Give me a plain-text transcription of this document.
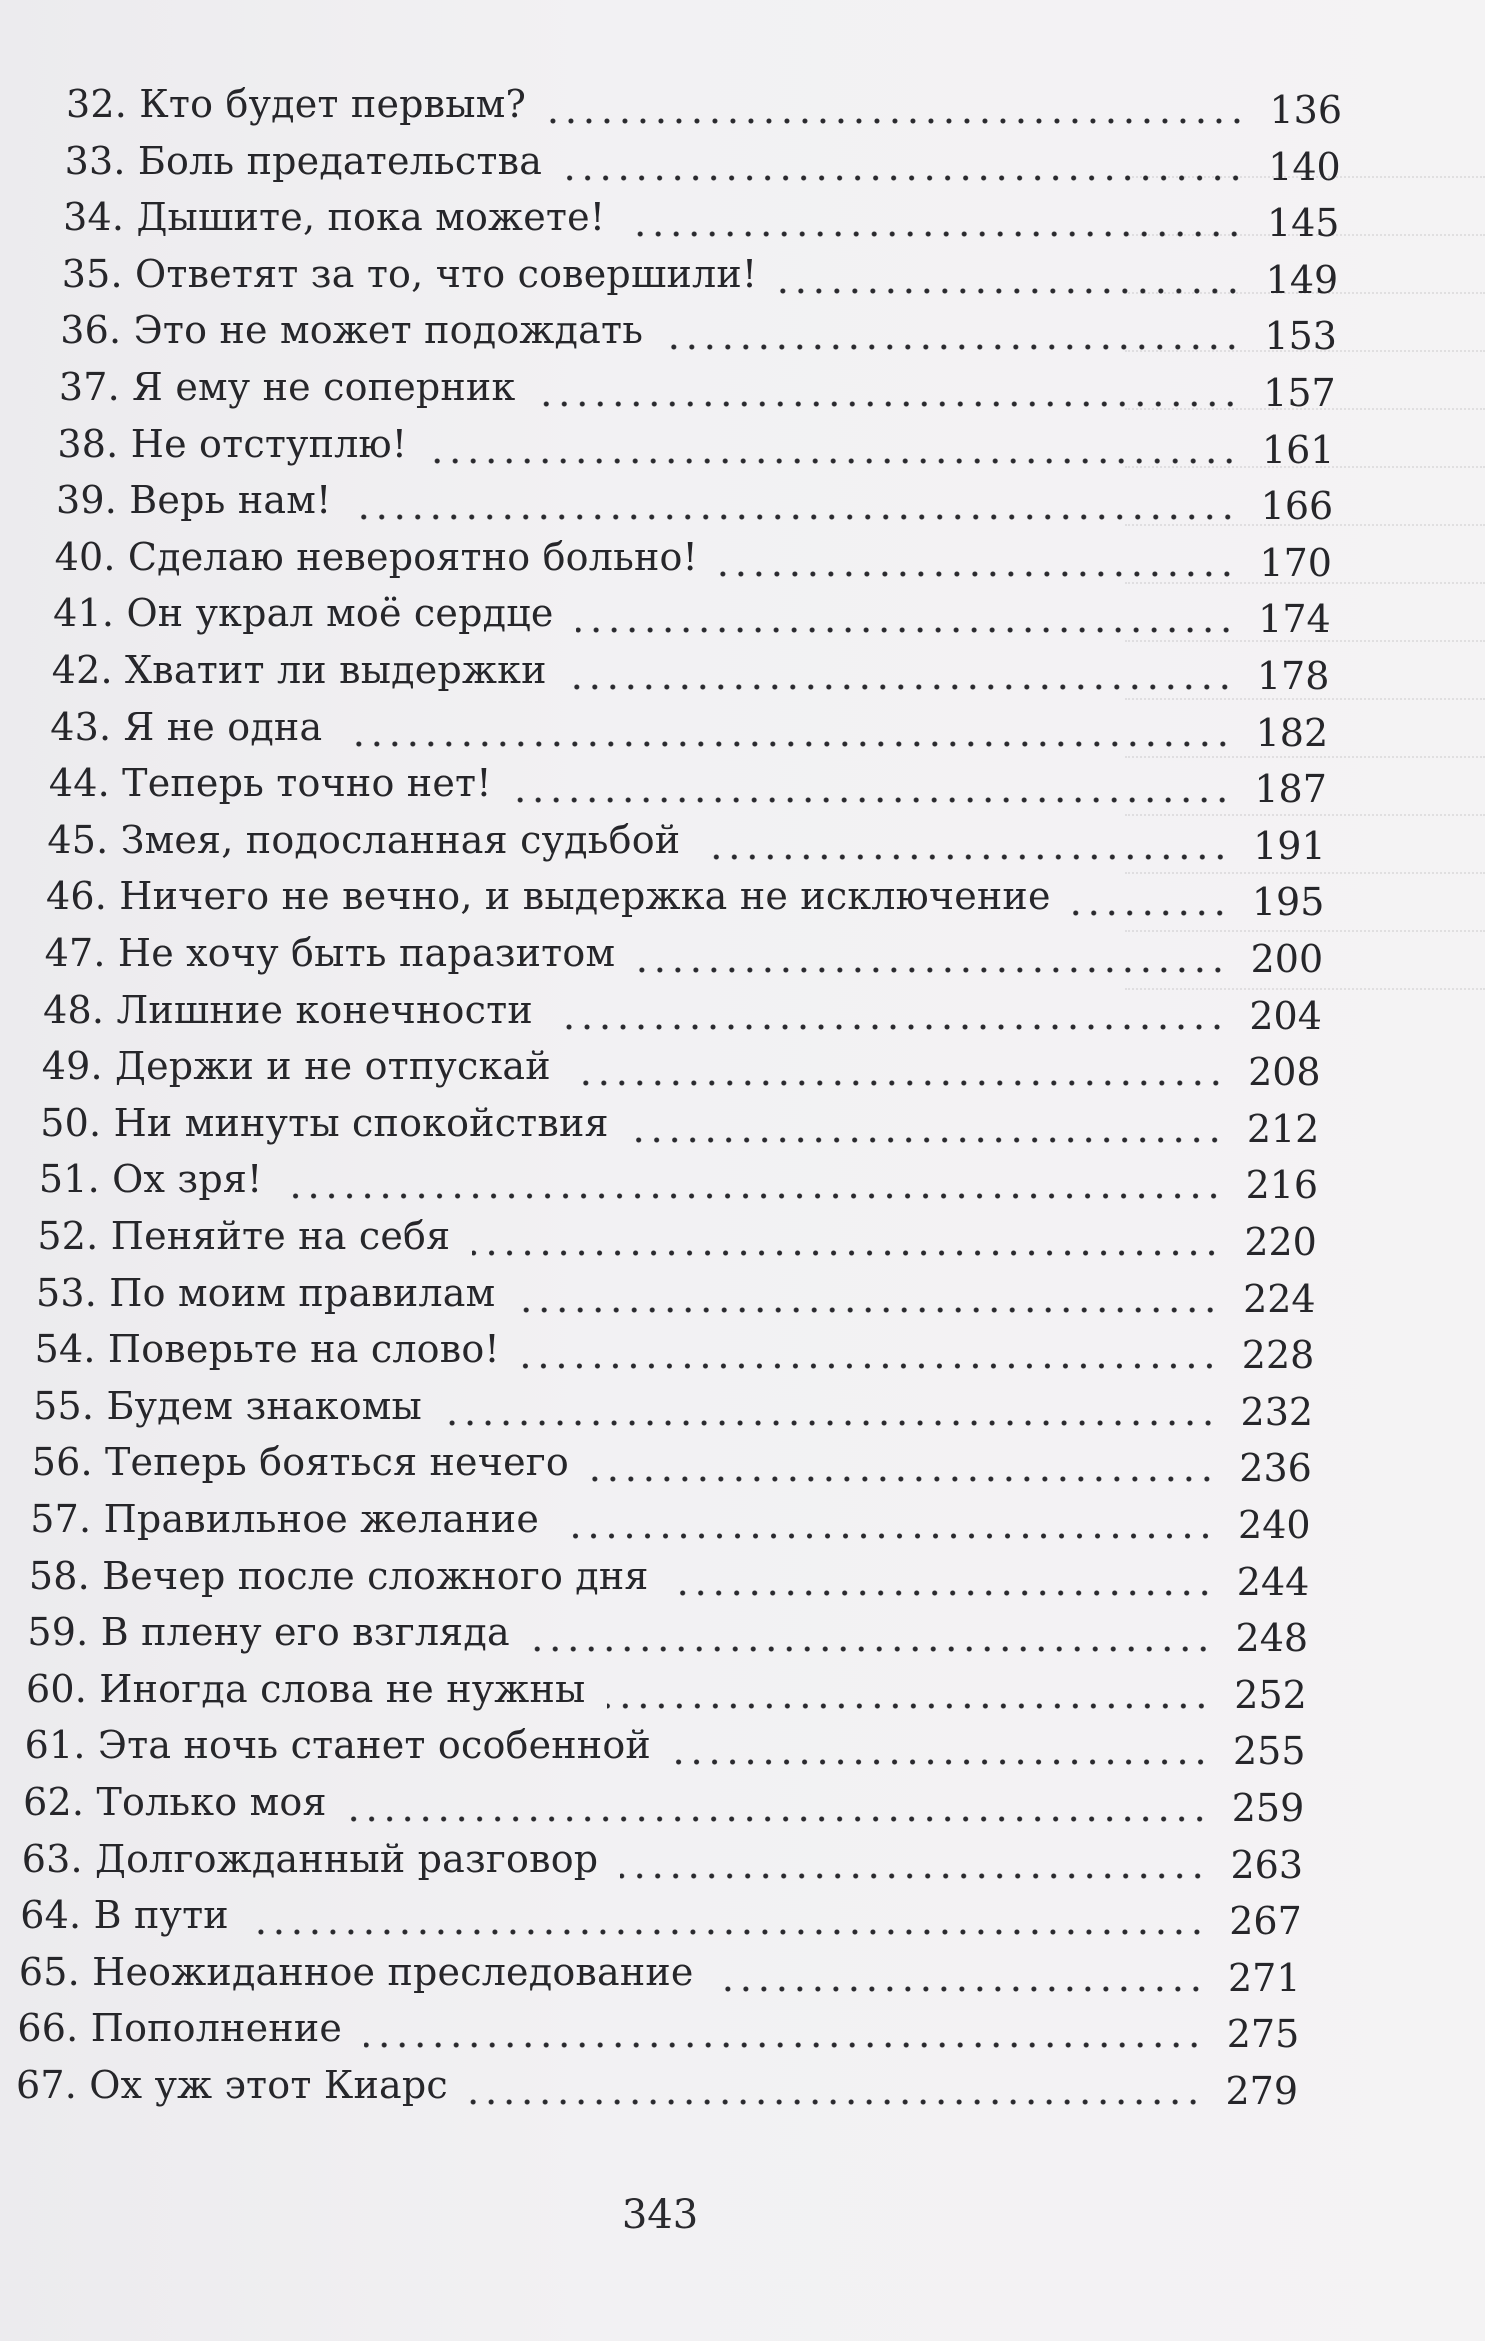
32. Кто будет первым?	136
33. Боль предательства	140
34. Дышите, пока можете!	145
35. Ответят за то, что совершили!	149
36. Это не может подождать	153
37. Я ему не соперник	157
38. Не отступлю!	161
39. Верь нам!	166
40. Сделаю невероятно больно!	170
41. Он украл моё сердце	174
42. Хватит ли выдержки	178
43. Я не одна	182
44. Теперь точно нет!	187
45. Змея, подосланная судьбой	191
46. Ничего не вечно, и выдержка не исключение	195
47. Не хочу быть паразитом	200
48. Лишние конечности	204
49. Держи и не отпускай	208
50. Ни минуты спокойствия	212
51. Ох зря!	216
52. Пеняйте на себя	220
53. По моим правилам	224
54. Поверьте на слово!	228
55. Будем знакомы	232
56. Теперь бояться нечего	236
57. Правильное желание	240
58. Вечер после сложного дня	244
59. В плену его взгляда	248
60. Иногда слова не нужны	252
61. Эта ночь станет особенной	255
62. Только моя	259
63. Долгожданный разговор	263
64. В пути	267
65. Неожиданное преследование	271
66. Пополнение	275
67. Ох уж этот Киарс	279
343
